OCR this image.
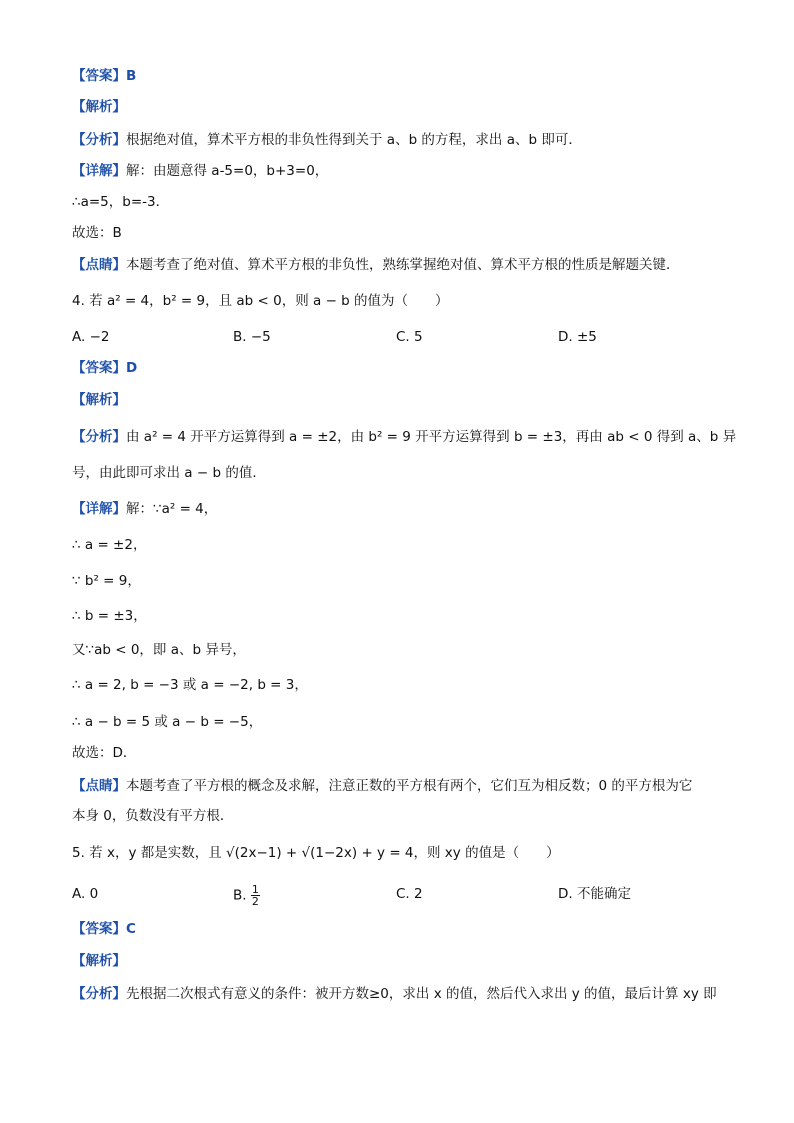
【答案】B
【解析】
【分析】根据绝对值，算术平方根的非负性得到关于 a、b 的方程，求出 a、b 即可．
【详解】解：由题意得 a-5=0，b+3=0，
∴a=5，b=-3．
故选：B
【点睛】本题考查了绝对值、算术平方根的非负性，熟练掌握绝对值、算术平方根的性质是解题关键．
4. 若 a² = 4，b² = 9，且 ab < 0，则 a − b 的值为（　　）
A. −2	B. −5	C. 5	D. ±5
【答案】D
【解析】
【分析】由 a² = 4 开平方运算得到 a = ±2，由 b² = 9 开平方运算得到 b = ±3，再由 ab < 0 得到 a、b 异
号，由此即可求出 a − b 的值．
【详解】解：∵a² = 4，
∴ a = ±2，
∵ b² = 9，
∴ b = ±3，
又∵ab < 0，即 a、b 异号，
∴ a = 2, b = −3 或 a = −2, b = 3，
∴ a − b = 5 或 a − b = −5，
故选：D．
【点睛】本题考查了平方根的概念及求解，注意正数的平方根有两个，它们互为相反数；0 的平方根为它
本身 0，负数没有平方根．
5. 若 x，y 都是实数，且 √(2x−1) + √(1−2x) + y = 4，则 xy 的值是（　　）
A. 0	B. $\frac{1}{2}$	C. 2	D. 不能确定
【答案】C
【解析】
【分析】先根据二次根式有意义的条件：被开方数≥0，求出 x 的值，然后代入求出 y 的值，最后计算 xy 即
